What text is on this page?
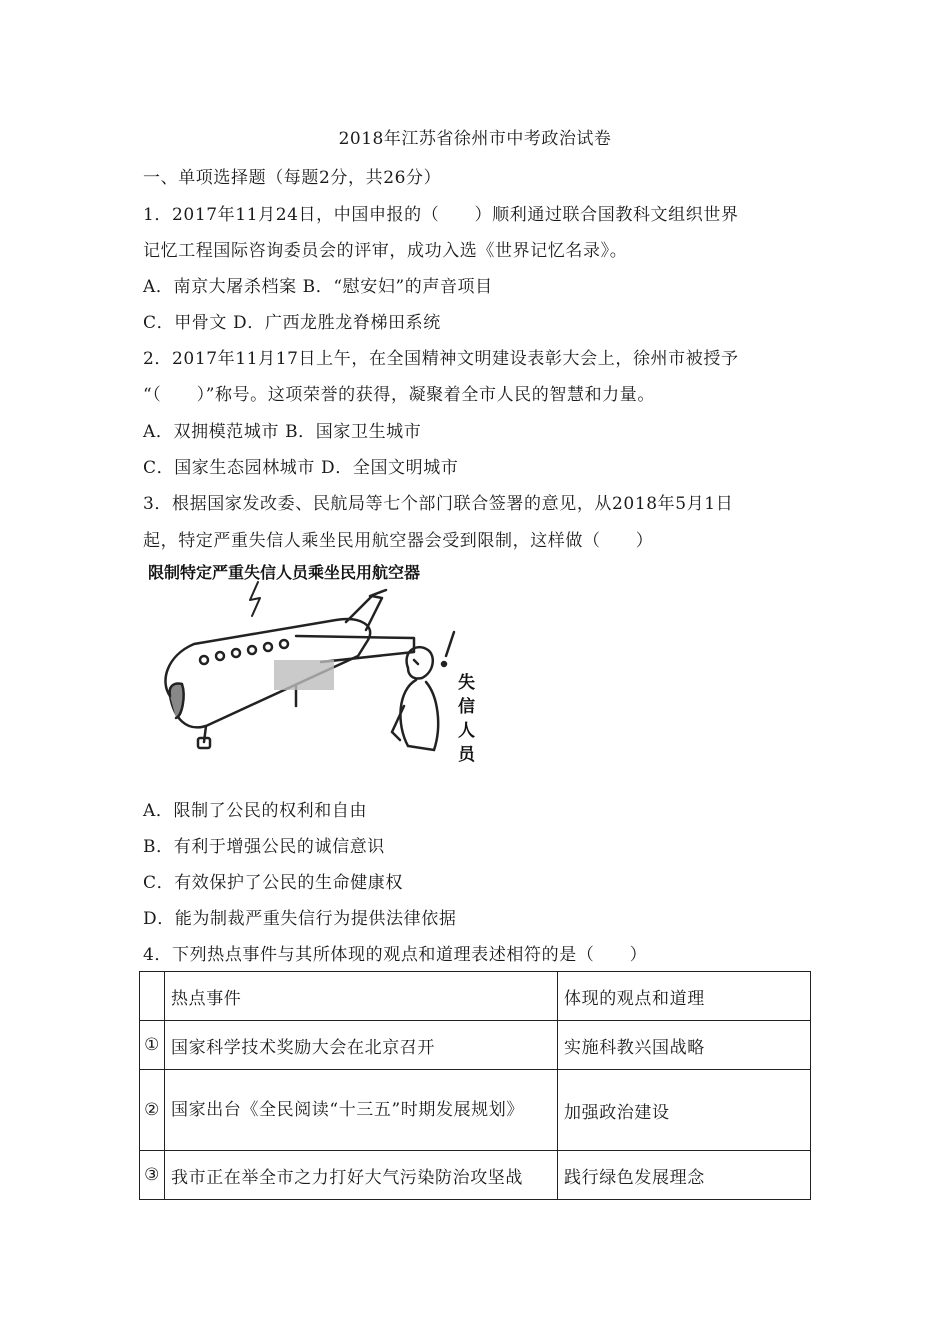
2018年江苏省徐州市中考政治试卷
一、单项选择题（每题2分，共26分）
1．2017年11月24日，中国申报的（　　）顺利通过联合国教科文组织世界
记忆工程国际咨询委员会的评审，成功入选《世界记忆名录》。
A．南京大屠杀档案 B．“慰安妇”的声音项目
C．甲骨文 D．广西龙胜龙脊梯田系统
2．2017年11月17日上午，在全国精神文明建设表彰大会上，徐州市被授予
“（　　）”称号。这项荣誉的获得，凝聚着全市人民的智慧和力量。
A．双拥模范城市 B．国家卫生城市
C．国家生态园林城市 D．全国文明城市
3．根据国家发改委、民航局等七个部门联合签署的意见，从2018年5月1日
起，特定严重失信人乘坐民用航空器会受到限制，这样做（　　）
限制特定严重失信人员乘坐民用航空器
失
信
人
员
A．限制了公民的权利和自由
B．有利于增强公民的诚信意识
C．有效保护了公民的生命健康权
D．能为制裁严重失信行为提供法律依据
4．下列热点事件与其所体现的观点和道理表述相符的是（　　）
	热点事件	体现的观点和道理
①	国家科学技术奖励大会在北京召开	实施科教兴国战略
②	国家出台《全民阅读“十三五”时期发展规划》	加强政治建设
③	我市正在举全市之力打好大气污染防治攻坚战	践行绿色发展理念
